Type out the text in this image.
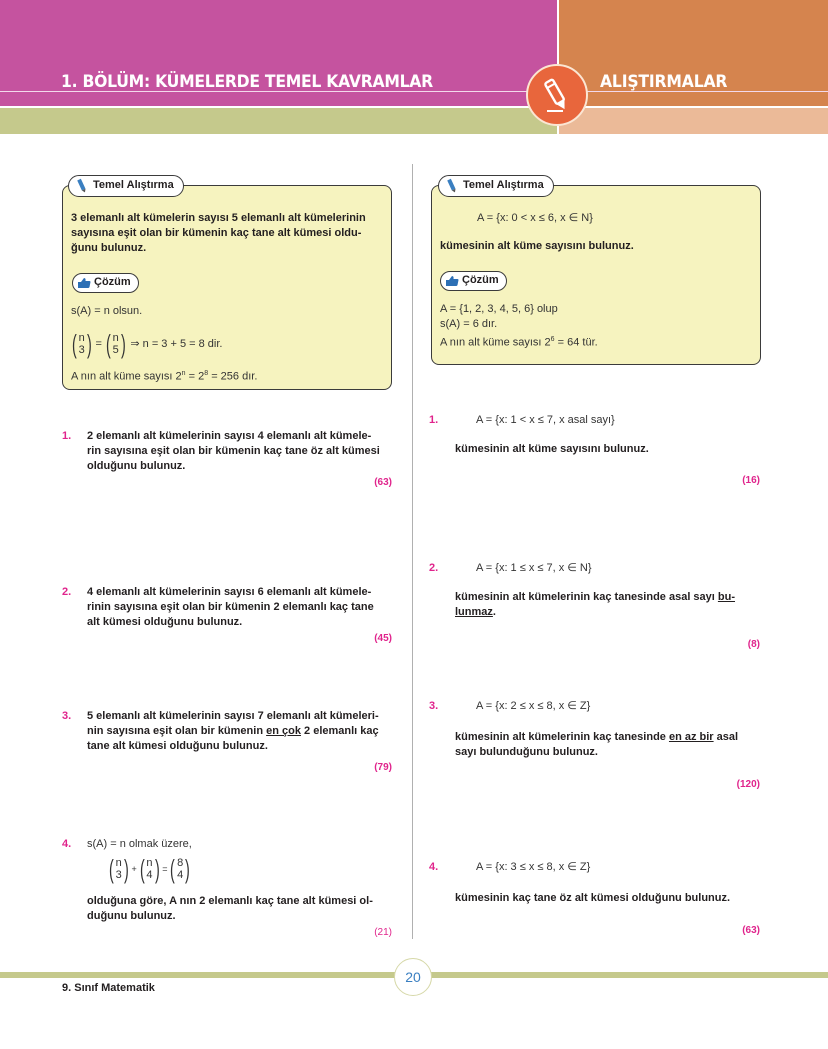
1. BÖLÜM: KÜMELERDE TEMEL KAVRAMLAR	ALIŞTIRMALAR
Temel Alıştırma
3 elemanlı alt kümelerin sayısı 5 elemanlı alt kümelerinin
sayısına eşit olan bir kümenin kaç tane alt kümesi oldu-
ğunu bulunuz.
Çözüm
s(A) = n olsun.
( n
3 ) = ( n
5 ) ⇒ n = 3 + 5 = 8 dir.
A nın alt küme sayısı $2^n = 2^8 = 256$ dır.
Temel Alıştırma
A = {x: 0 < x ≤ 6, x ∈ N}
kümesinin alt küme sayısını bulunuz.
Çözüm
A = {1, 2, 3, 4, 5, 6} olup
s(A) = 6 dır.
A nın alt küme sayısı $2^6 = 64$ tür.
1. 2 elemanlı alt kümelerinin sayısı 4 elemanlı alt kümele-
rin sayısına eşit olan bir kümenin kaç tane öz alt kümesi
olduğunu bulunuz.
(63)
2. 4 elemanlı alt kümelerinin sayısı 6 elemanlı alt kümele-
rinin sayısına eşit olan bir kümenin 2 elemanlı kaç tane
alt kümesi olduğunu bulunuz.
(45)
3. 5 elemanlı alt kümelerinin sayısı 7 elemanlı alt kümeleri-
nin sayısına eşit olan bir kümenin en çok 2 elemanlı kaç
tane alt kümesi olduğunu bulunuz.
(79)
4. s(A) = n olmak üzere,
( n
3 ) + ( n
4 ) = ( 8
4 )
olduğuna göre, A nın 2 elemanlı kaç tane alt kümesi ol-
duğunu bulunuz.
(21)
1.	A = {x: 1 < x ≤ 7, x asal sayı}
kümesinin alt küme sayısını bulunuz.
(16)
2.	A = {x: 1 ≤ x ≤ 7, x ∈ N}
kümesinin alt kümelerinin kaç tanesinde asal sayı bu-
lunmaz.
(8)
3.	A = {x: 2 ≤ x ≤ 8, x ∈ Z}
kümesinin alt kümelerinin kaç tanesinde en az bir asal
sayı bulunduğunu bulunuz.
(120)
4.	A = {x: 3 ≤ x ≤ 8, x ∈ Z}
kümesinin kaç tane öz alt kümesi olduğunu bulunuz.
(63)
20
9. Sınıf Matematik
